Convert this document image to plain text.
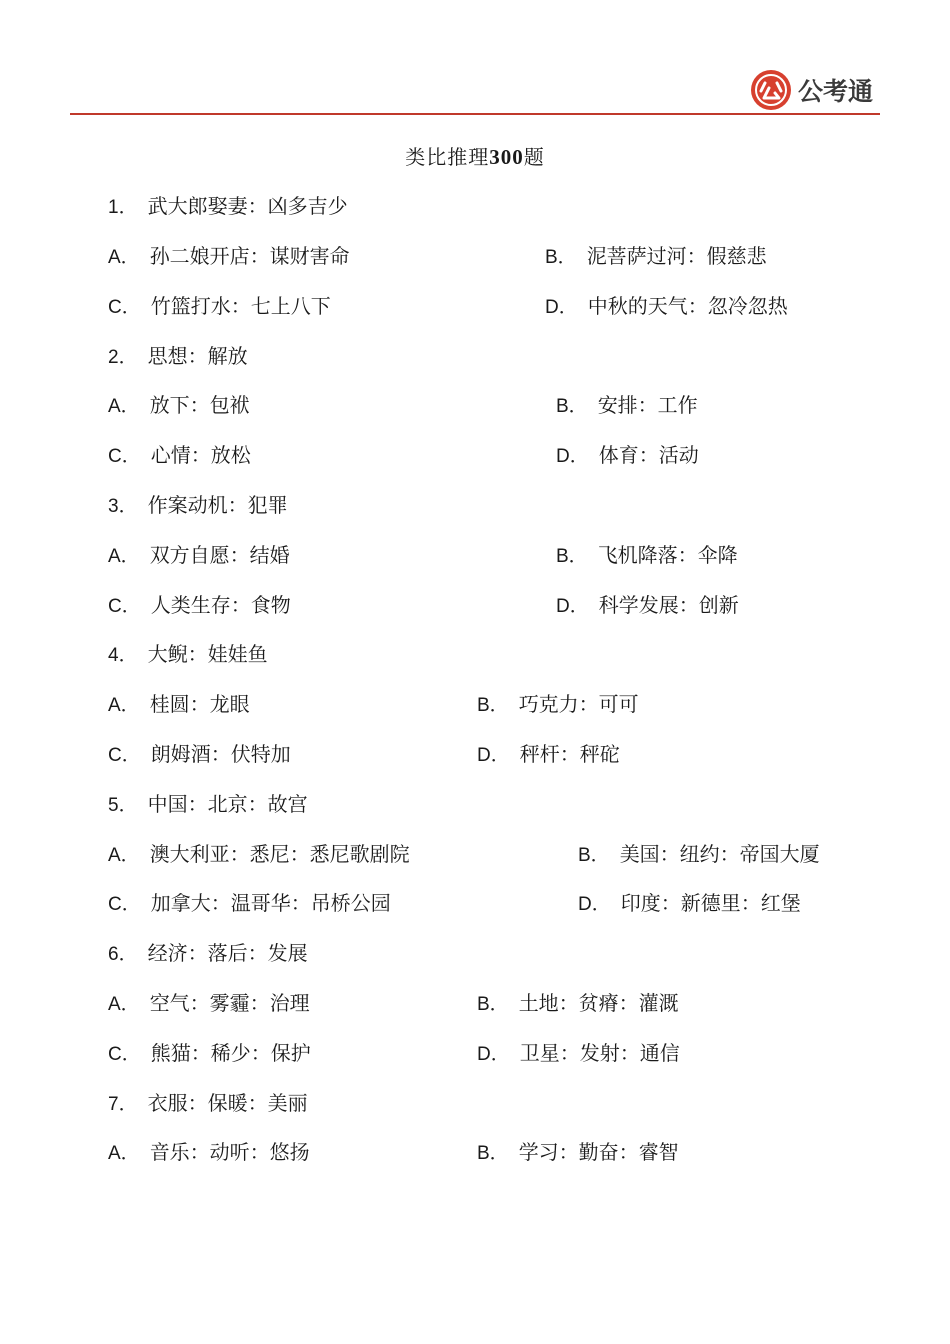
公考通
类比推理300题
1． 武大郎娶妻：凶多吉少
A． 孙二娘开店：谋财害命	B． 泥菩萨过河：假慈悲
C． 竹篮打水：七上八下	D． 中秋的天气：忽冷忽热
2． 思想：解放
A． 放下：包袱	B． 安排：工作
C． 心情：放松	D． 体育：活动
3． 作案动机：犯罪
A． 双方自愿：结婚	B． 飞机降落：伞降
C． 人类生存：食物	D． 科学发展：创新
4． 大鲵：娃娃鱼
A． 桂圆：龙眼	B． 巧克力：可可
C． 朗姆酒：伏特加	D． 秤杆：秤砣
5． 中国：北京：故宫
A． 澳大利亚：悉尼：悉尼歌剧院	B． 美国：纽约：帝国大厦
C． 加拿大：温哥华：吊桥公园	D． 印度：新德里：红堡
6． 经济：落后：发展
A． 空气：雾霾：治理	B． 土地：贫瘠：灌溉
C． 熊猫：稀少：保护	D． 卫星：发射：通信
7． 衣服：保暖：美丽
A． 音乐：动听：悠扬	B． 学习：勤奋：睿智
